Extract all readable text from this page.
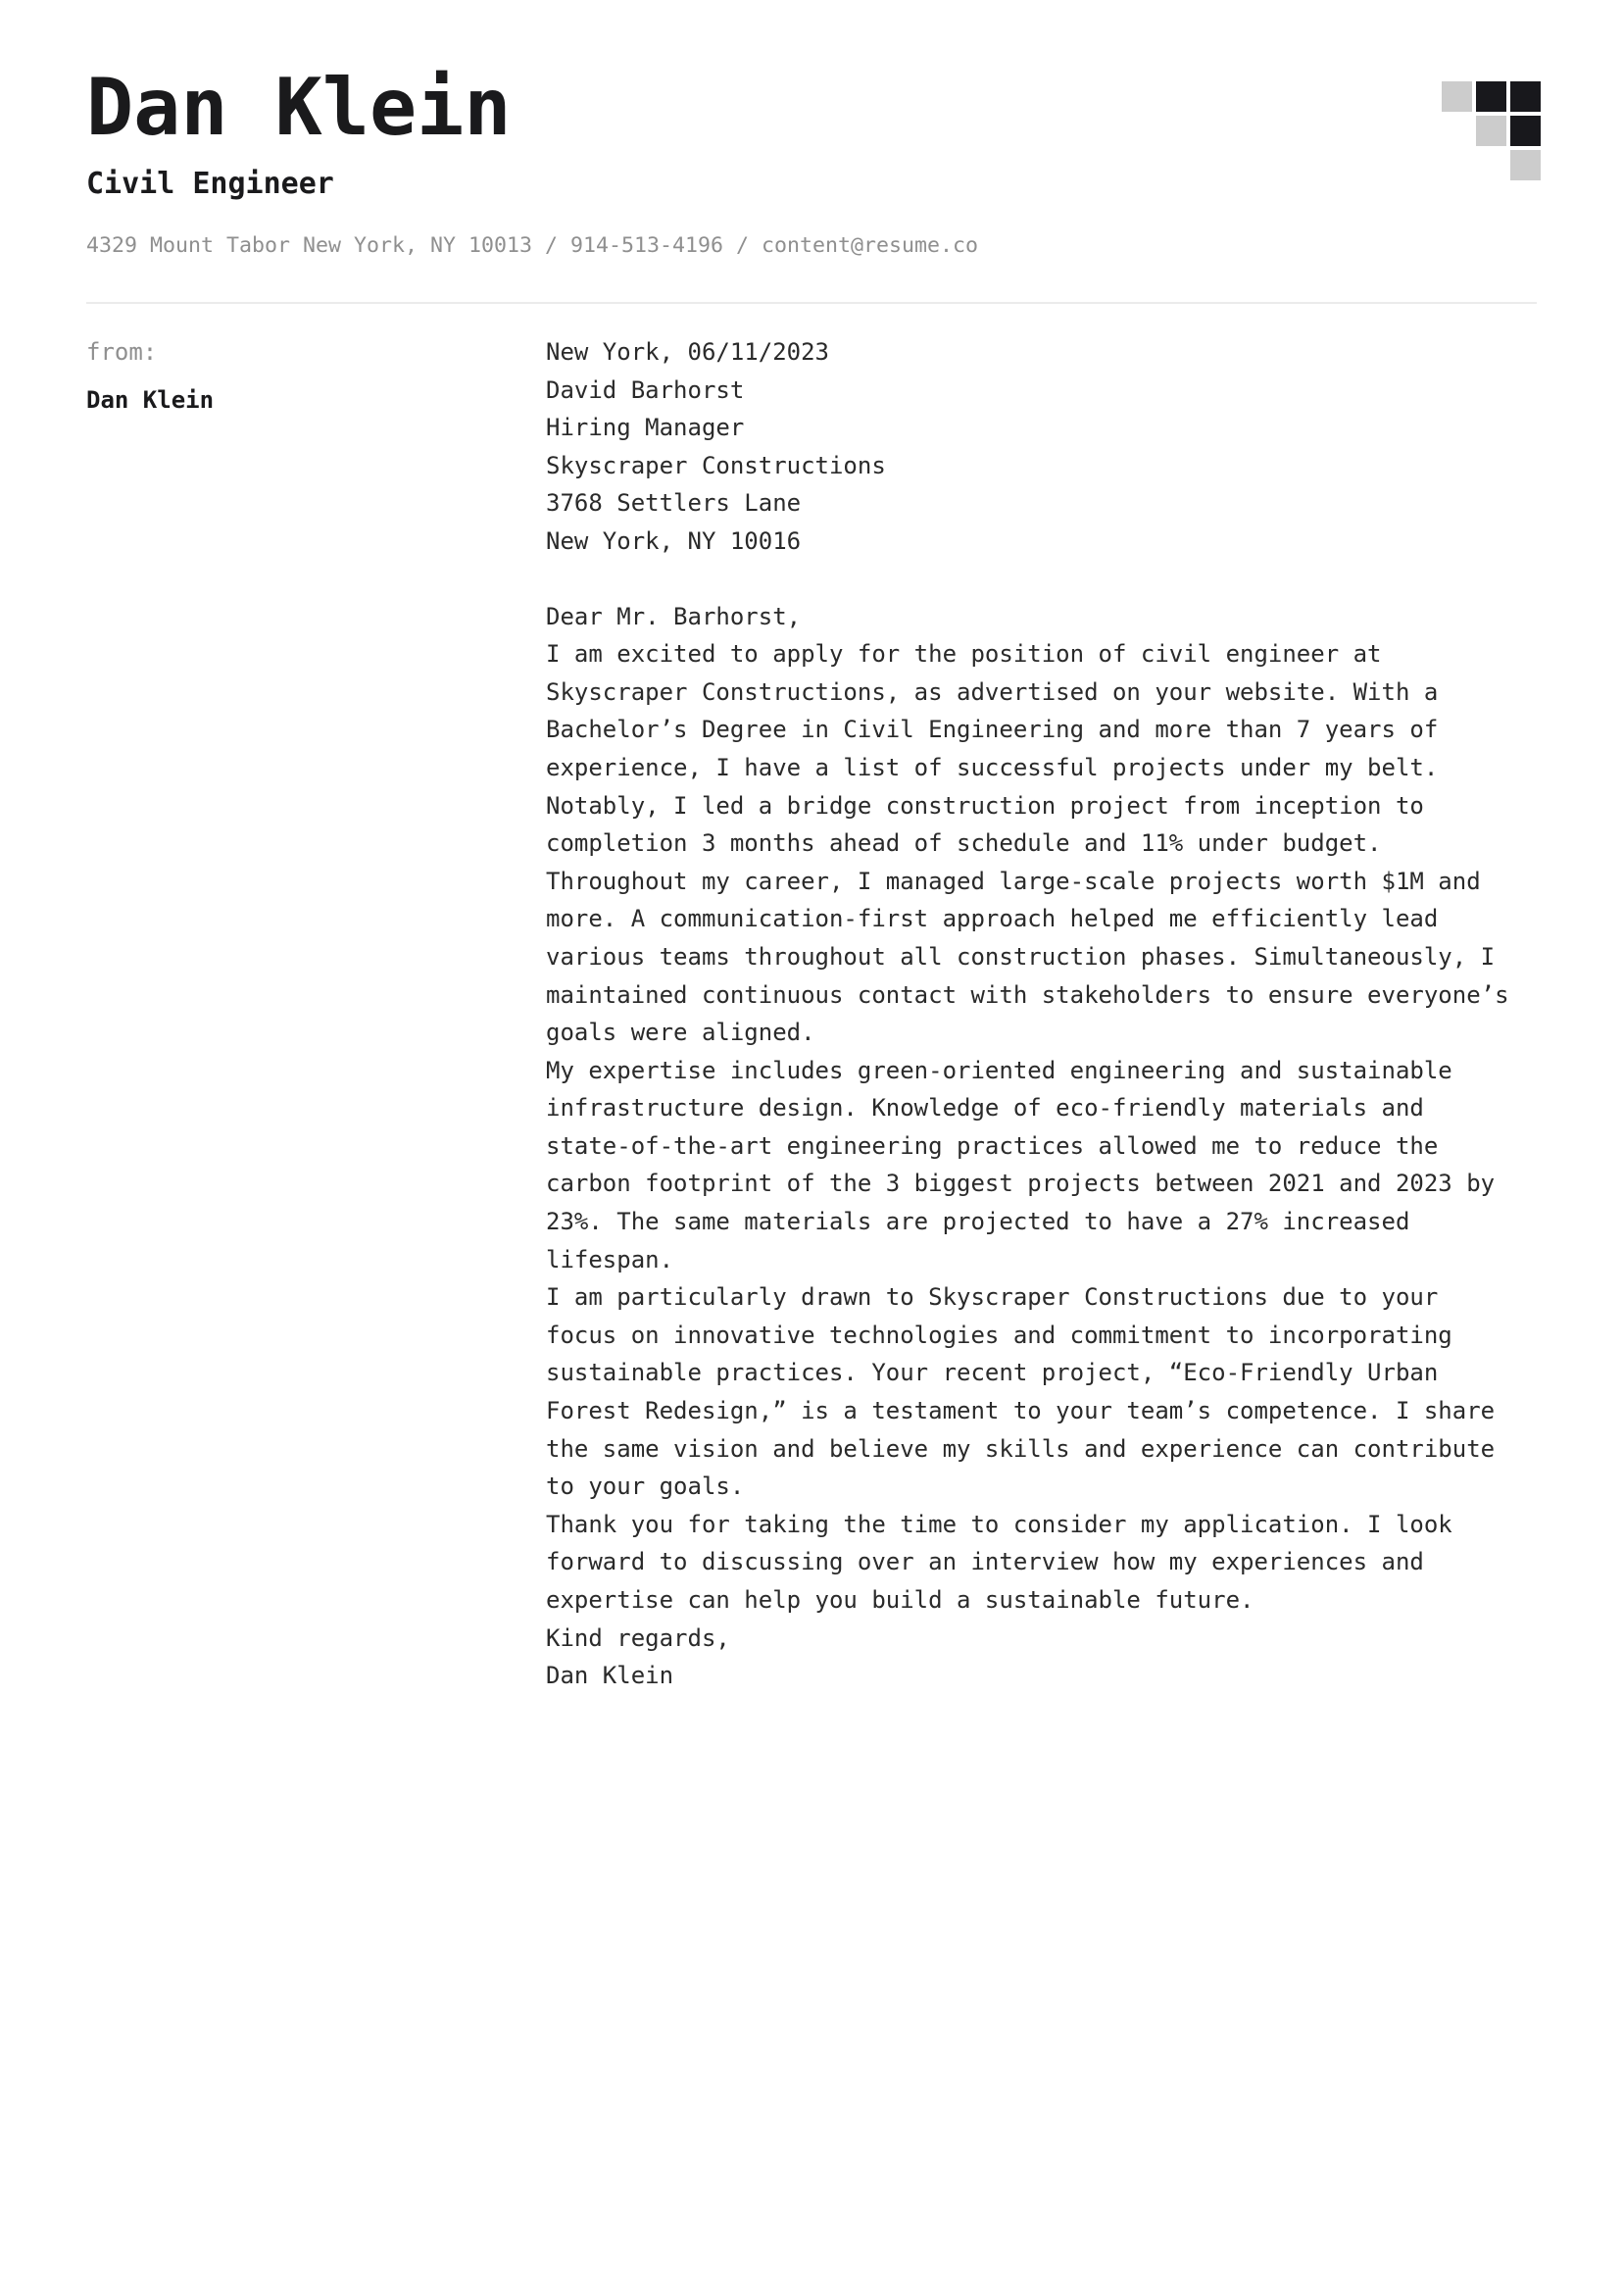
Dan Klein
Civil Engineer
4329 Mount Tabor New York, NY 10013 / 914-513-4196 / content@resume.co
from:
Dan Klein

New York, 06/11/2023

David Barhorst

Hiring Manager

Skyscraper Constructions

3768 Settlers Lane

New York, NY 10016

Dear Mr. Barhorst,

I am excited to apply for the position of civil engineer at Skyscraper Constructions, as advertised on your website. With a Bachelor’s Degree in Civil Engineering and more than 7 years of experience, I have a list of successful projects under my belt. Notably, I led a bridge construction project from inception to completion 3 months ahead of schedule and 11% under budget.

Throughout my career, I managed large-scale projects worth $1M and more. A communication-first approach helped me efficiently lead various teams throughout all construction phases. Simultaneously, I maintained continuous contact with stakeholders to ensure everyone’s goals were aligned.

My expertise includes green-oriented engineering and sustainable infrastructure design. Knowledge of eco-friendly materials and state-of-the-art engineering practices allowed me to reduce the carbon footprint of the 3 biggest projects between 2021 and 2023 by 23%. The same materials are projected to have a 27% increased lifespan.

I am particularly drawn to Skyscraper Constructions due to your focus on innovative technologies and commitment to incorporating sustainable practices. Your recent project, “Eco-Friendly Urban Forest Redesign,” is a testament to your team’s competence. I share the same vision and believe my skills and experience can contribute to your goals.

Thank you for taking the time to consider my application. I look forward to discussing over an interview how my experiences and expertise can help you build a sustainable future.

Kind regards,

Dan Klein
